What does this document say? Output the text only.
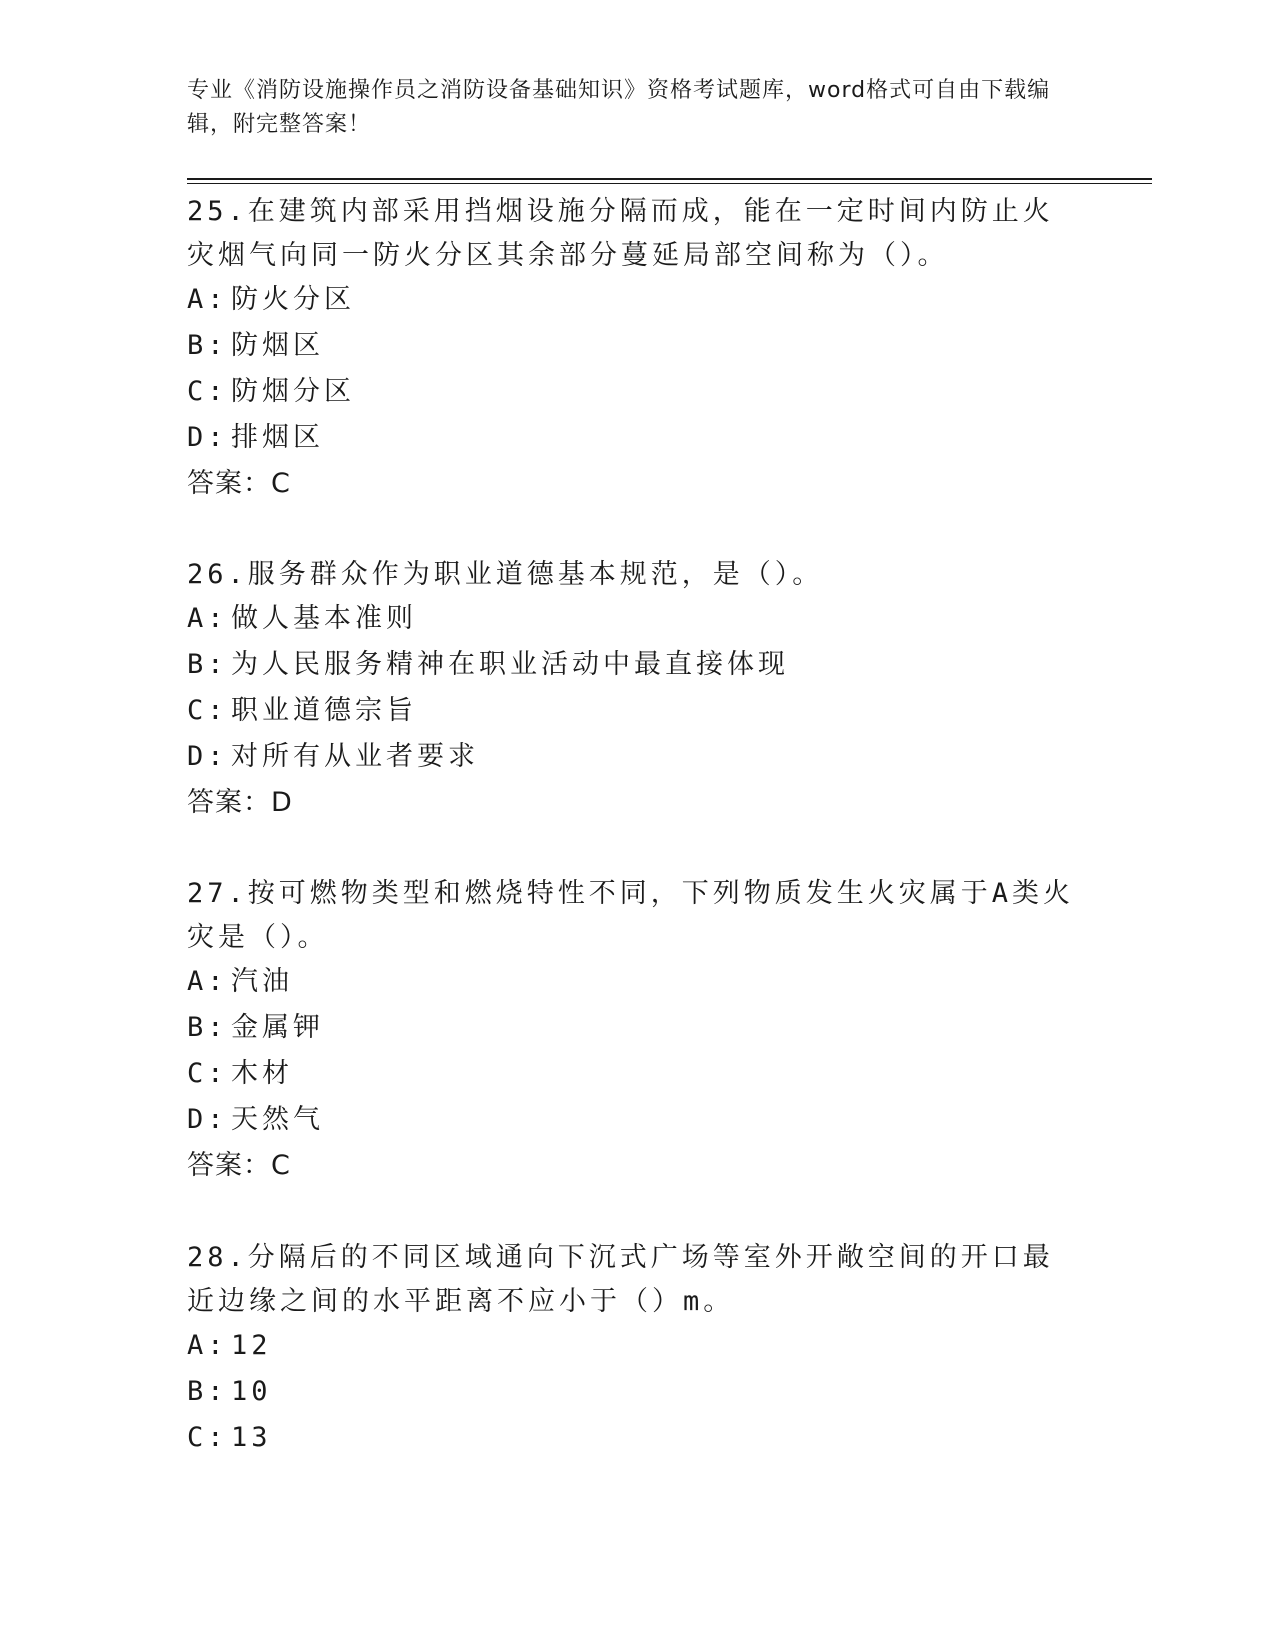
专业《消防设施操作员之消防设备基础知识》资格考试题库，word格式可自由下载编辑，附完整答案！
25.在建筑内部采用挡烟设施分隔而成，能在一定时间内防止火灾烟气向同一防火分区其余部分蔓延局部空间称为（）。
A: 防火分区
B: 防烟区
C: 防烟分区
D: 排烟区
答案：C
26.服务群众作为职业道德基本规范，是（）。
A: 做人基本准则
B: 为人民服务精神在职业活动中最直接体现
C: 职业道德宗旨
D: 对所有从业者要求
答案：D
27.按可燃物类型和燃烧特性不同，下列物质发生火灾属于A类火灾是（）。
A: 汽油
B: 金属钾
C: 木材
D: 天然气
答案：C
28.分隔后的不同区域通向下沉式广场等室外开敞空间的开口最近边缘之间的水平距离不应小于（）m。
A: 12
B: 10
C: 13
